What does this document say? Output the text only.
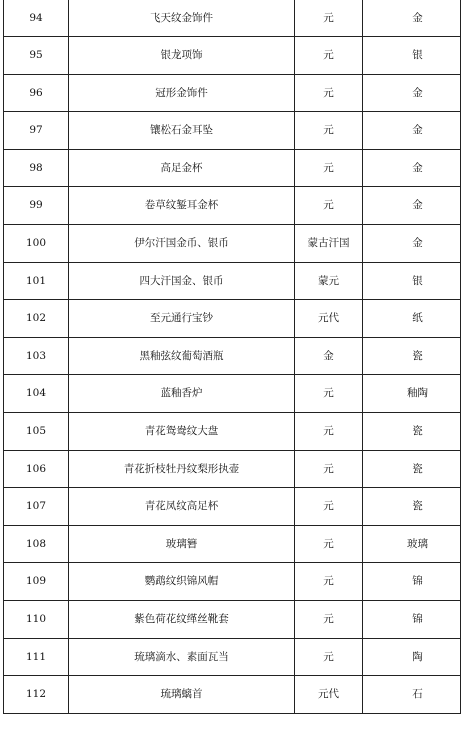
94	飞天纹金饰件	元	金
95	银龙项饰	元	银
96	冠形金饰件	元	金
97	镶松石金耳坠	元	金
98	高足金杯	元	金
99	卷草纹錾耳金杯	元	金
100	伊尔汗国金币、银币	蒙古汗国	金
101	四大汗国金、银币	蒙元	银
102	至元通行宝钞	元代	纸
103	黑釉弦纹葡萄酒瓶	金	瓷
104	蓝釉香炉	元	釉陶
105	青花鸳鸯纹大盘	元	瓷
106	青花折枝牡丹纹梨形执壶	元	瓷
107	青花凤纹高足杯	元	瓷
108	玻璃簪	元	玻璃
109	鹦鹉纹织锦风帽	元	锦
110	紫色荷花纹缂丝靴套	元	锦
111	琉璃滴水、素面瓦当	元	陶
112	琉璃螭首	元代	石
